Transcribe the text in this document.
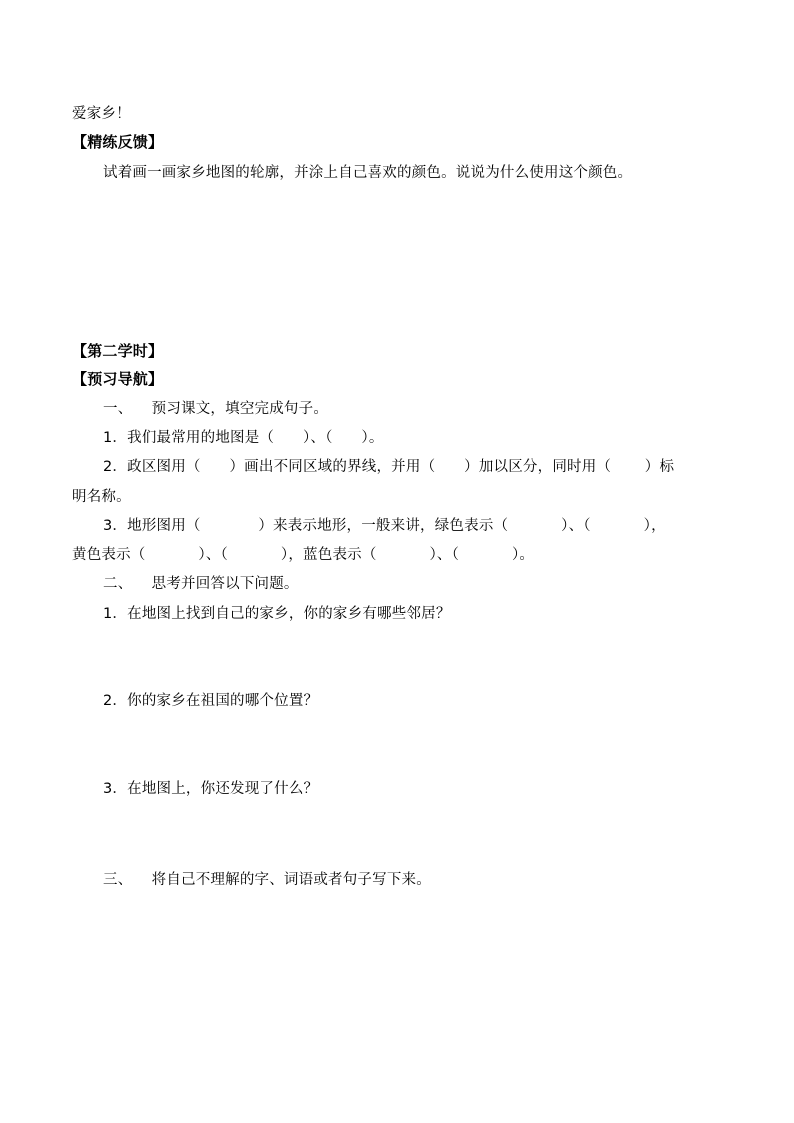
爱家乡！
【精练反馈】
试着画一画家乡地图的轮廓，并涂上自己喜欢的颜色。说说为什么使用这个颜色。
【第二学时】
【预习导航】
一、    预习课文，填空完成句子。
1．我们最常用的地图是（      ）、（      ）。
2．政区图用（      ）画出不同区域的界线，并用（      ）加以区分，同时用（       ）标
明名称。
3．地形图用（            ）来表示地形，一般来讲，绿色表示（           ）、（           ），
黄色表示（           ）、（           ），蓝色表示（           ）、（           ）。
二、    思考并回答以下问题。
1．在地图上找到自己的家乡，你的家乡有哪些邻居？
2．你的家乡在祖国的哪个位置？
3．在地图上，你还发现了什么？
三、    将自己不理解的字、词语或者句子写下来。
